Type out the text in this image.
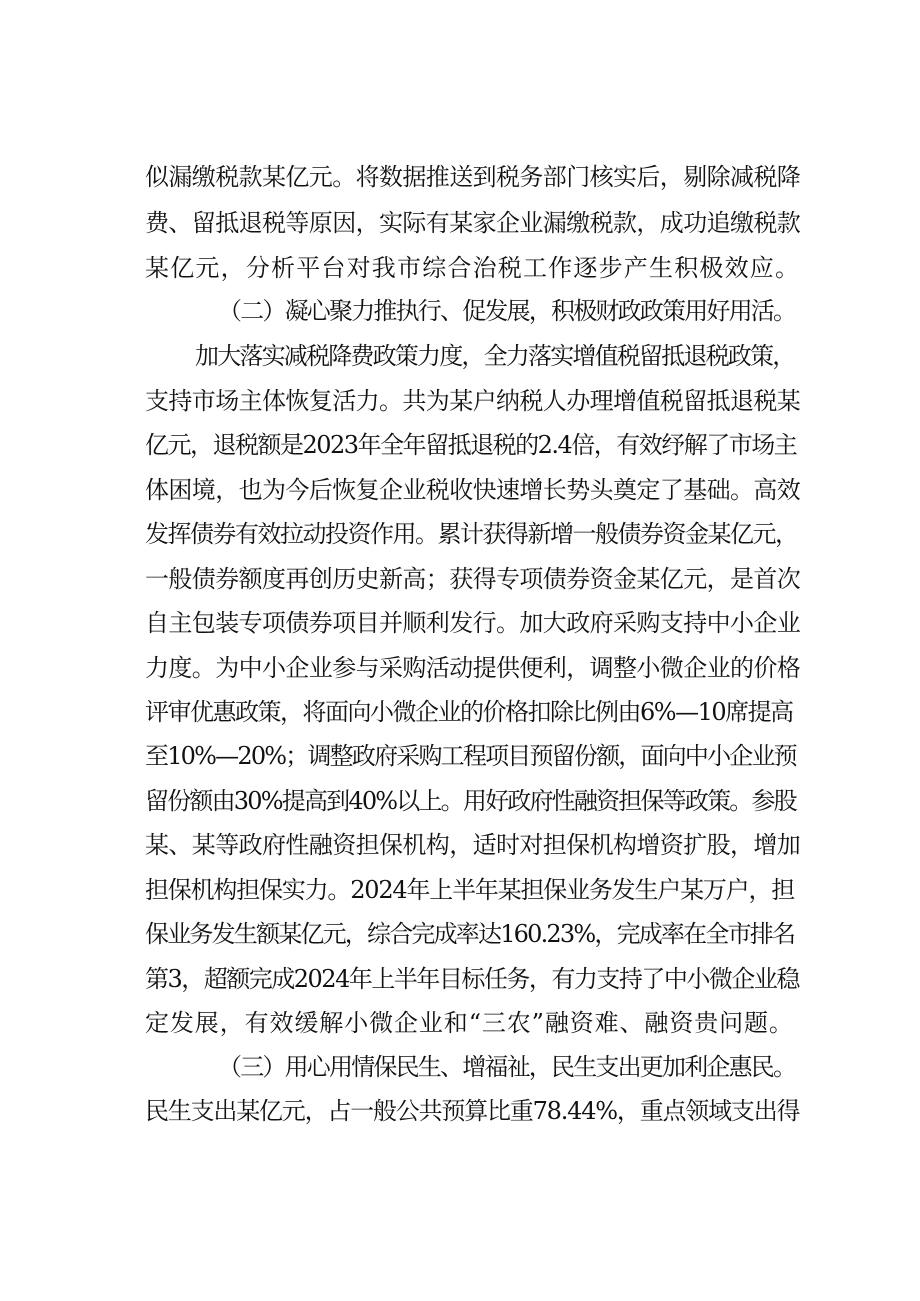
似漏缴税款某亿元。将数据推送到税务部门核实后，剔除减税降
费、留抵退税等原因，实际有某家企业漏缴税款，成功追缴税款
某亿元，分析平台对我市综合治税工作逐步产生积极效应。
（二）凝心聚力推执行、促发展，积极财政政策用好用活。
加大落实减税降费政策力度，全力落实增值税留抵退税政策，
支持市场主体恢复活力。共为某户纳税人办理增值税留抵退税某
亿元，退税额是2023年全年留抵退税的2.4倍，有效纾解了市场主
体困境，也为今后恢复企业税收快速增长势头奠定了基础。高效
发挥债券有效拉动投资作用。累计获得新增一般债券资金某亿元，
一般债券额度再创历史新高；获得专项债券资金某亿元，是首次
自主包装专项债券项目并顺利发行。加大政府采购支持中小企业
力度。为中小企业参与采购活动提供便利，调整小微企业的价格
评审优惠政策，将面向小微企业的价格扣除比例由6%—10席提高
至10%—20%；调整政府采购工程项目预留份额，面向中小企业预
留份额由30%提高到40%以上。用好政府性融资担保等政策。参股
某、某等政府性融资担保机构，适时对担保机构增资扩股，增加
担保机构担保实力。2024年上半年某担保业务发生户某万户，担
保业务发生额某亿元，综合完成率达160.23%，完成率在全市排名
第3，超额完成2024年上半年目标任务，有力支持了中小微企业稳
定发展，有效缓解小微企业和“三农”融资难、融资贵问题。
（三）用心用情保民生、增福祉，民生支出更加利企惠民。
民生支出某亿元，占一般公共预算比重78.44%，重点领域支出得
